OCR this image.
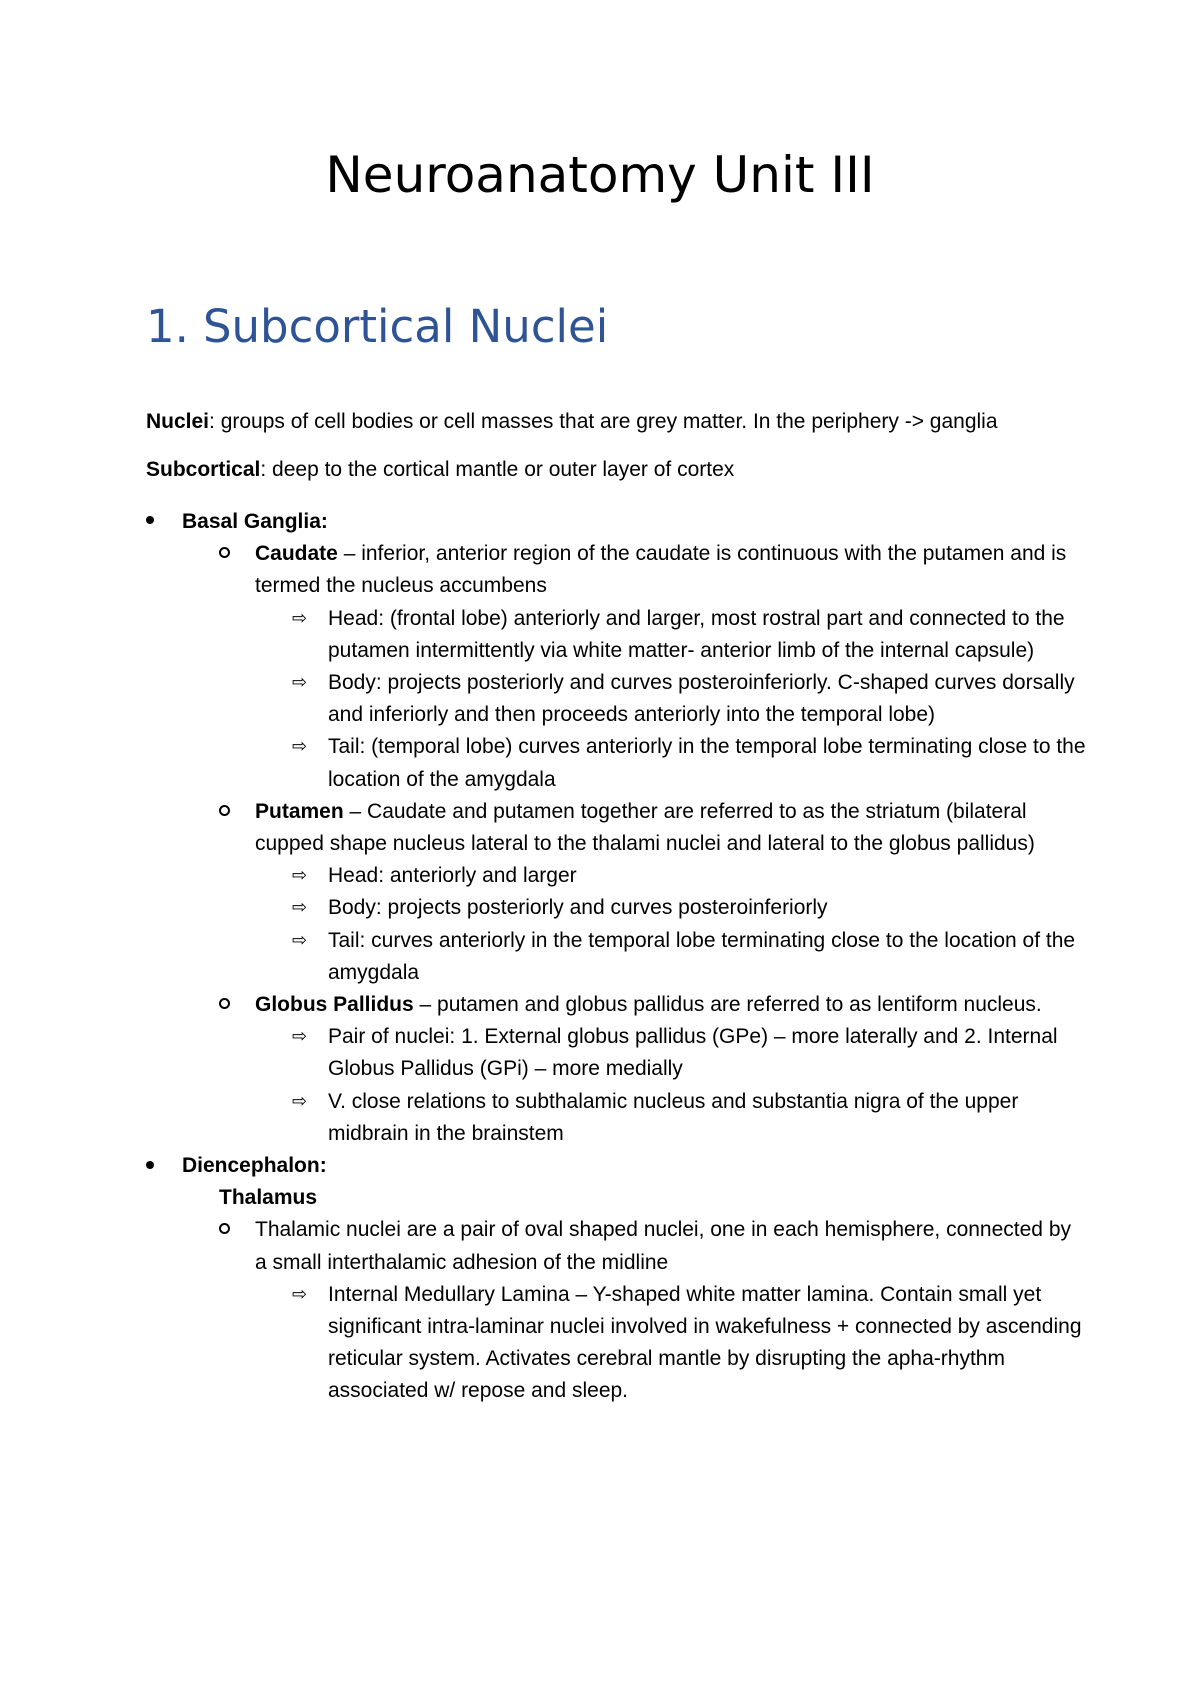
Neuroanatomy Unit III
1. Subcortical Nuclei

Nuclei: groups of cell bodies or cell masses that are grey matter. In the periphery -> ganglia

Subcortical: deep to the cortical mantle or outer layer of cortex

Basal Ganglia:
Caudate – inferior, anterior region of the caudate is continuous with the putamen and is termed the nucleus accumbens
⇨ Head: (frontal lobe) anteriorly and larger, most rostral part and connected to the putamen intermittently via white matter- anterior limb of the internal capsule)
⇨ Body: projects posteriorly and curves posteroinferiorly. C-shaped curves dorsally and inferiorly and then proceeds anteriorly into the temporal lobe)
⇨ Tail: (temporal lobe) curves anteriorly in the temporal lobe terminating close to the location of the amygdala
Putamen – Caudate and putamen together are referred to as the striatum (bilateral cupped shape nucleus lateral to the thalami nuclei and lateral to the globus pallidus)
⇨ Head: anteriorly and larger
⇨ Body: projects posteriorly and curves posteroinferiorly
⇨ Tail: curves anteriorly in the temporal lobe terminating close to the location of the amygdala
Globus Pallidus – putamen and globus pallidus are referred to as lentiform nucleus.
⇨ Pair of nuclei: 1. External globus pallidus (GPe) – more laterally and 2. Internal Globus Pallidus (GPi) – more medially
⇨ V. close relations to subthalamic nucleus and substantia nigra of the upper midbrain in the brainstem
Diencephalon:
Thalamus
Thalamic nuclei are a pair of oval shaped nuclei, one in each hemisphere, connected by a small interthalamic adhesion of the midline
⇨ Internal Medullary Lamina – Y-shaped white matter lamina. Contain small yet significant intra-laminar nuclei involved in wakefulness + connected by ascending reticular system. Activates cerebral mantle by disrupting the apha-rhythm associated w/ repose and sleep.
